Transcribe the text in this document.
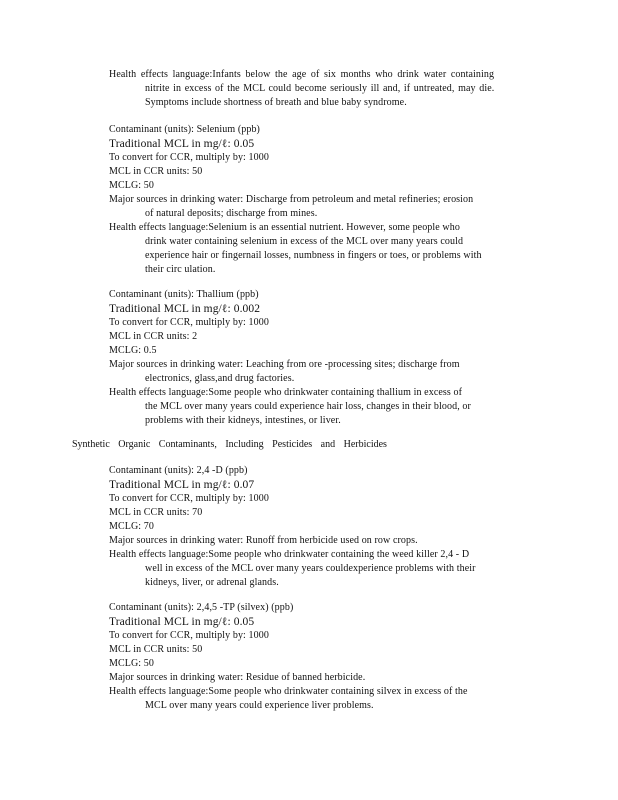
Health effects language:Infants below the age of six months who drink water containing
nitrite in excess of the MCL could become seriously ill and, if untreated, may die.
Symptoms include shortness of breath and blue baby syndrome.
Contaminant (units): Selenium (ppb)
Traditional MCL in mg/ℓ: 0.05
To convert for CCR, multiply by: 1000
MCL in CCR units: 50
MCLG: 50
Major sources in drinking water: Discharge from petroleum and metal refineries; erosion
of natural deposits; discharge from mines.
Health effects language:Selenium is an essential nutrient. However, some people who
drink water containing selenium in excess of the MCL over many years could
experience hair or fingernail losses, numbness in fingers or toes, or problems with
their circ ulation.
Contaminant (units): Thallium (ppb)
Traditional MCL in mg/ℓ: 0.002
To convert for CCR, multiply by: 1000
MCL in CCR units: 2
MCLG: 0.5
Major sources in drinking water: Leaching from ore -processing sites; discharge from
electronics, glass,and drug factories.
Health effects language:Some people who drinkwater containing thallium in excess of
the MCL over many years could experience hair loss, changes in their blood, or
problems with their kidneys, intestines, or liver.
Synthetic Organic Contaminants, Including Pesticides and Herbicides
Contaminant (units): 2,4 -D (ppb)
Traditional MCL in mg/ℓ: 0.07
To convert for CCR, multiply by: 1000
MCL in CCR units: 70
MCLG: 70
Major sources in drinking water: Runoff from herbicide used on row crops.
Health effects language:Some people who drinkwater containing the weed killer 2,4 - D
well in excess of the MCL over many years couldexperience problems with their
kidneys, liver, or adrenal glands.
Contaminant (units): 2,4,5 -TP (silvex) (ppb)
Traditional MCL in mg/ℓ: 0.05
To convert for CCR, multiply by: 1000
MCL in CCR units: 50
MCLG: 50
Major sources in drinking water: Residue of banned herbicide.
Health effects language:Some people who drinkwater containing silvex in excess of the
MCL over many years could experience liver problems.
